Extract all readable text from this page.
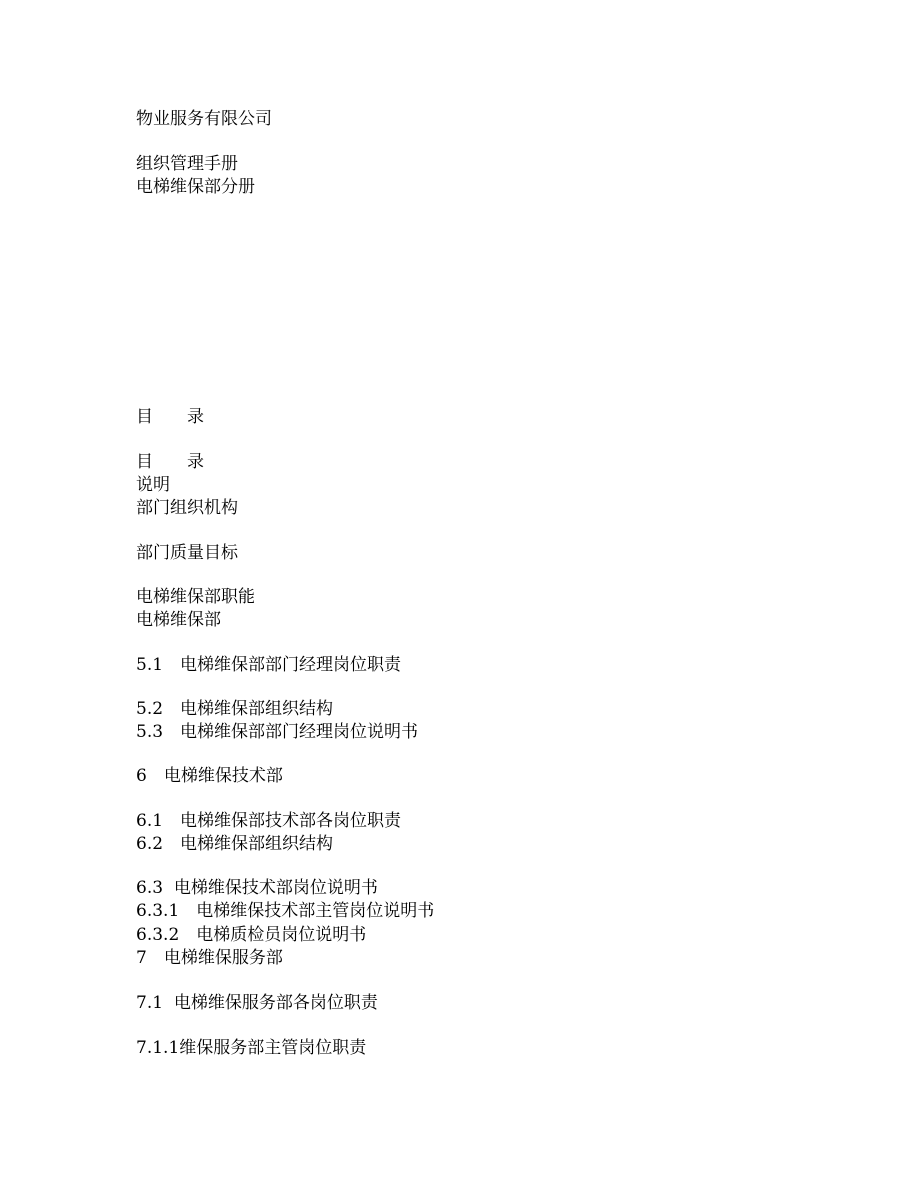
物业服务有限公司

组织管理手册

电梯维保部分册

目　　录

目　　录

说明

部门组织机构

部门质量目标

电梯维保部职能

电梯维保部

5.1　电梯维保部部门经理岗位职责

5.2　电梯维保部组织结构

5.3　电梯维保部部门经理岗位说明书

6　电梯维保技术部

6.1　电梯维保部技术部各岗位职责

6.2　电梯维保部组织结构

6.3  电梯维保技术部岗位说明书

6.3.1　电梯维保技术部主管岗位说明书

6.3.2　电梯质检员岗位说明书

7　电梯维保服务部

7.1  电梯维保服务部各岗位职责

7.1.1维保服务部主管岗位职责
